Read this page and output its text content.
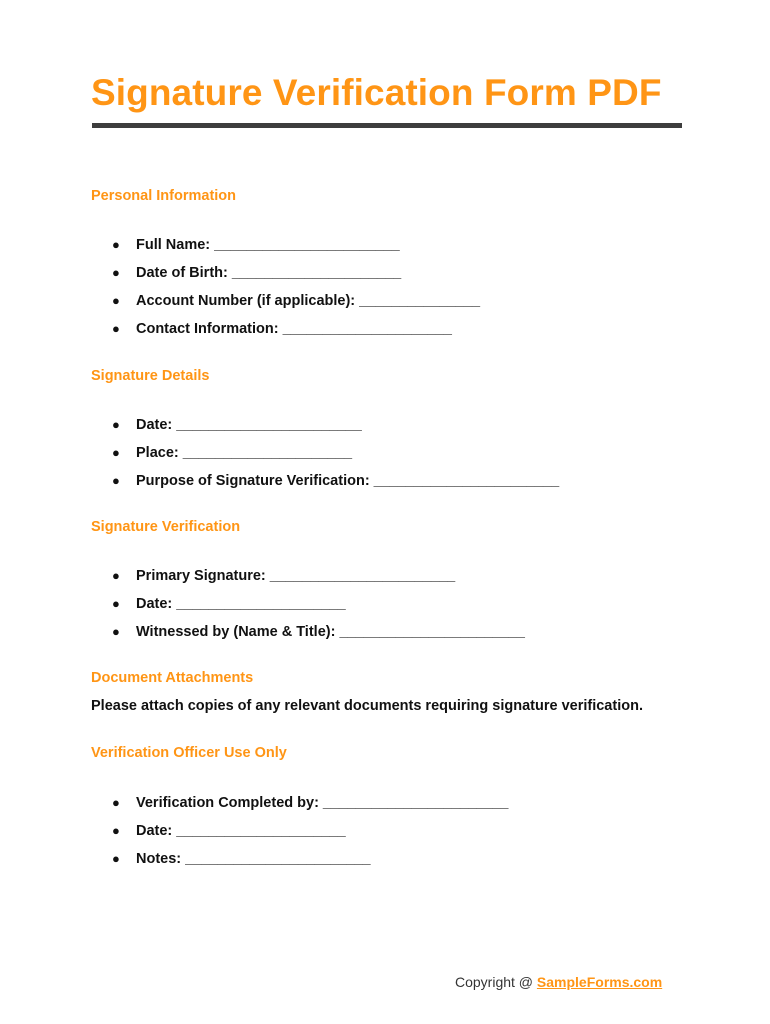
Signature Verification Form PDF
Personal Information
● Full Name: _______________________
● Date of Birth: _____________________
● Account Number (if applicable): _______________
● Contact Information: _____________________
Signature Details
● Date: _______________________
● Place: _____________________
● Purpose of Signature Verification: _______________________
Signature Verification
● Primary Signature: _______________________
● Date: _____________________
● Witnessed by (Name & Title): _______________________
Document Attachments

Please attach copies of any relevant documents requiring signature verification.

Verification Officer Use Only
● Verification Completed by: _______________________
● Date: _____________________
● Notes: _______________________
Copyright @ SampleForms.com
